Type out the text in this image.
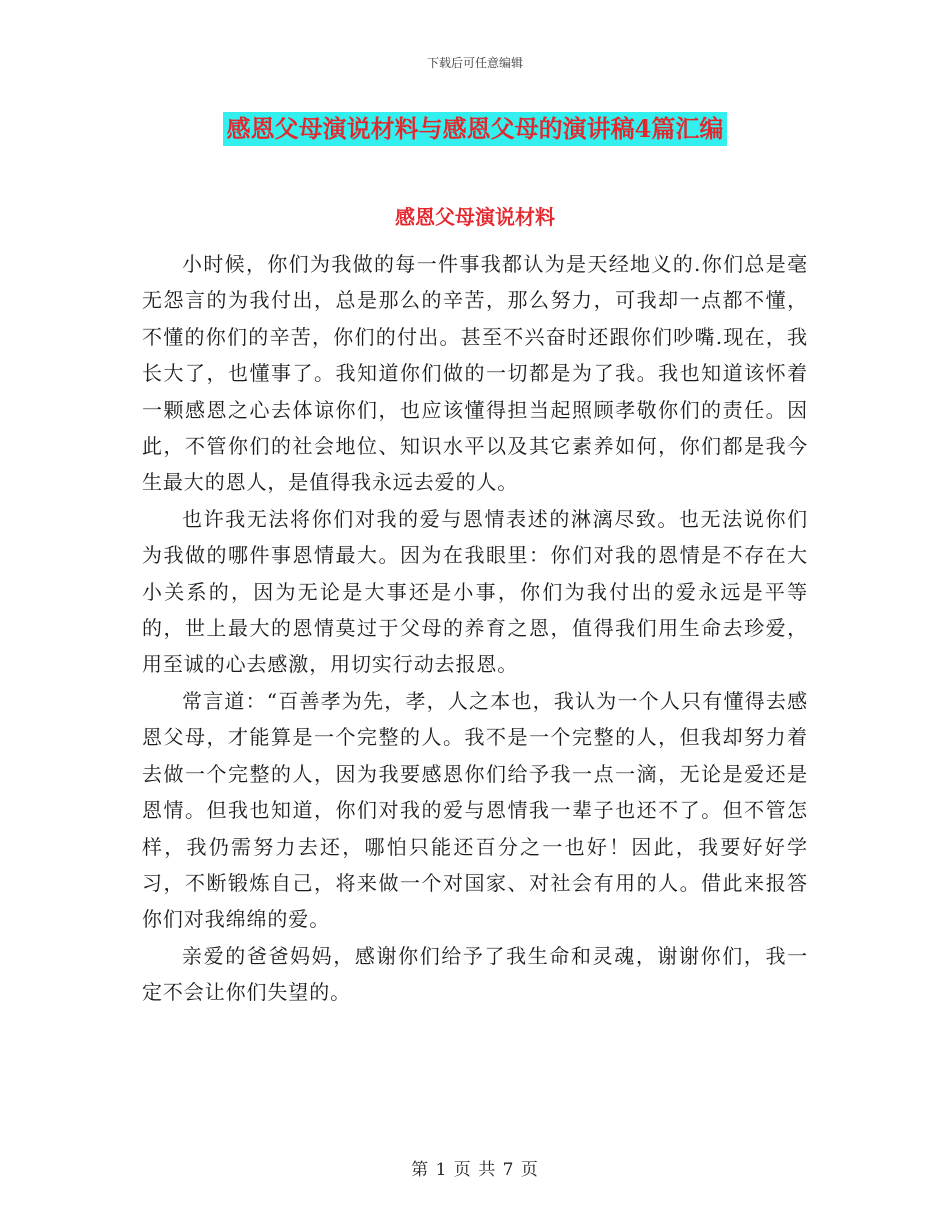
下载后可任意编辑
感恩父母演说材料与感恩父母的演讲稿4篇汇编
感恩父母演说材料

小时候，你们为我做的每一件事我都认为是天经地义的.你们总是毫无怨言的为我付出，总是那么的辛苦，那么努力，可我却一点都不懂，不懂的你们的辛苦，你们的付出。甚至不兴奋时还跟你们吵嘴.现在，我长大了，也懂事了。我知道你们做的一切都是为了我。我也知道该怀着一颗感恩之心去体谅你们，也应该懂得担当起照顾孝敬你们的责任。因此，不管你们的社会地位、知识水平以及其它素养如何，你们都是我今生最大的恩人，是值得我永远去爱的人。

也许我无法将你们对我的爱与恩情表述的淋漓尽致。也无法说你们为我做的哪件事恩情最大。因为在我眼里：你们对我的恩情是不存在大小关系的，因为无论是大事还是小事，你们为我付出的爱永远是平等的，世上最大的恩情莫过于父母的养育之恩，值得我们用生命去珍爱，用至诚的心去感激，用切实行动去报恩。

常言道：“百善孝为先，孝，人之本也，我认为一个人只有懂得去感恩父母，才能算是一个完整的人。我不是一个完整的人，但我却努力着去做一个完整的人，因为我要感恩你们给予我一点一滴，无论是爱还是恩情。但我也知道，你们对我的爱与恩情我一辈子也还不了。但不管怎样，我仍需努力去还，哪怕只能还百分之一也好！因此，我要好好学习，不断锻炼自己，将来做一个对国家、对社会有用的人。借此来报答你们对我绵绵的爱。

亲爱的爸爸妈妈，感谢你们给予了我生命和灵魂，谢谢你们，我一定不会让你们失望的。

第 1 页 共 7 页
